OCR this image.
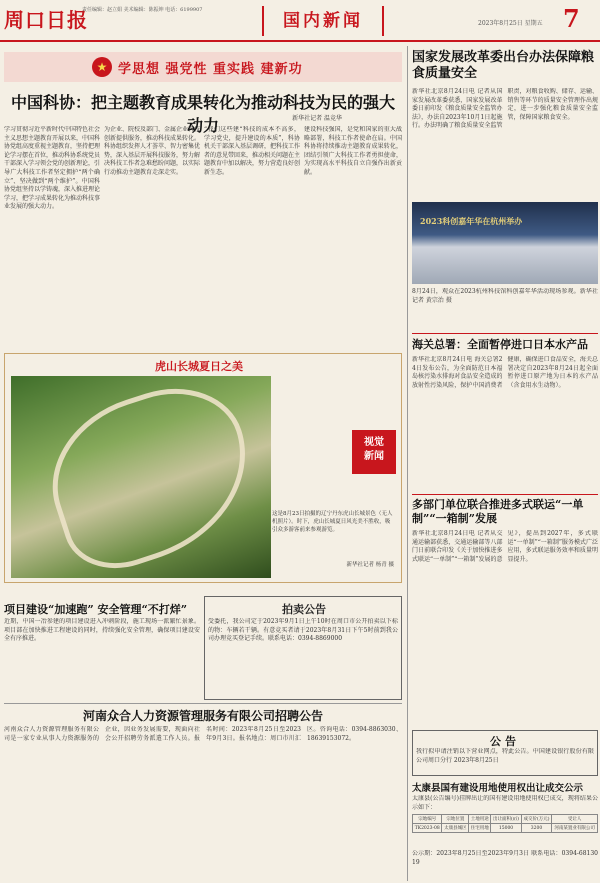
周口日报
责任编辑：赵立娟 美术编辑：陈振坤 电话：6199907
国内新闻	2023年8月25日 星期五 7
★ 学思想 强党性 重实践 建新功
中国科协：把主题教育成果转化为推动科技为民的强大动力	新华社记者 温竞华
学习贯彻习近平新时代中国特色社会主义思想主题教育开展以来，中国科协党组高度重视主题教育，坚持把理论学习摆在首位，推动科协系统党员干部深入学习领会党的创新理论，引导广大科技工作者坚定拥护“两个确立”、坚决做到“两个维护”。中国科协党组坚持以学铸魂，深入推进理论学习，把学习成果转化为推动科技事业发展的强大动力。
为企业、院校及部门、金属企业科技创新提供服务，推动科技成果转化。科协组织发挥人才荟萃、智力密集优势，深入基层开展科技服务，努力解决科技工作者急难愁盼问题，以实际行动推动主题教育走深走实。
“我们这些建“科技的成本不高多，学习党史，提升建设的本质”，科协机关干部深入基层调研，把科技工作者的意见带回来，推动相关问题在主题教育中加以解决，努力营造良好创新生态。
建设科技强国，是党和国家的重大战略部署，科技工作者使命在肩。中国科协将持续推动主题教育成果转化，团结引领广大科技工作者勇担使命，为实现高水平科技自立自强作出新贡献。
虎山长城夏日之美
视觉
新闻
这是8月23日拍摄的辽宁丹东虎山长城景色（无人机照片）。时下，虎山长城夏日风光美不胜收，吸引众多游客前来参观游览。
新华社记者 杨青 摄
项目建设“加速跑” 安全管理“不打烊”
近期，中国一冶参建的项目建设进入冲刺阶段，施工现场一派繁忙景象。项目部在加快推进工程建设的同时，持续强化安全管理，确保项目建设安全有序推进。
拍卖公告
受委托，我公司定于2023年9月1日上午10时在周口市公开拍卖以下标的物：车辆若干辆。有意竞买者请于2023年8月31日下午5时前到我公司办理竞买登记手续。联系电话：0394-8869000
河南众合人力资源管理服务有限公司招聘公告
河南众合人力资源管理服务有限公司是一家专业从事人力资源服务的企业，因业务发展需要，现面向社会公开招聘劳务派遣工作人员。报名时间：2023年8月25日至2023年9月3日。报名地点：周口市川汇区。咨询电话：0394-8863030、18639153072。
国家发展改革委出台办法保障粮食质量安全
新华社北京8月24日电 记者从国家发展改革委获悉，国家发展改革委日前印发《粮食质量安全监管办法》，办法自2023年10月1日起施行。办法明确了粮食质量安全监管职责，对粮食收购、储存、运输、销售等环节的质量安全管理作出规定，进一步强化粮食质量安全监管，保障国家粮食安全。
2023科创嘉年华在杭州举办
8月24日，观众在2023杭州科技馆科创嘉年华活动现场参观。新华社记者 黄宗治 摄
海关总署：全面暂停进口日本水产品
新华社北京8月24日电 海关总署24日发布公告，为全面防范日本福岛核污染水排海对食品安全造成的放射性污染风险，保护中国消费者健康，确保进口食品安全，海关总署决定自2023年8月24日起全面暂停进口原产地为日本的水产品（含食用水生动物）。
多部门单位联合推进多式联运“一单制”“一箱制”发展
新华社北京8月24日电 记者从交通运输部获悉，交通运输部等八部门日前联合印发《关于加快推进多式联运“一单制”“一箱制”发展的意见》，提出到2027年，多式联运“一单制”“一箱制”服务模式广泛应用，多式联运服务效率和质量明显提升。
公告
我行拟申请注销以下营业网点，特此公告。中国建设银行股份有限公司周口分行 2023年8月25日
太康县国有建设用地使用权出让成交公示
太康县(公告编号)挂牌出让的国有建设用地使用权已成交，现将结果公示如下：
宗地编号	宗地位置	土地用途	出让面积(㎡)	成交价(万元)	受让人
TK2023-08	太康县城区	住宅用地	15000	3200	河南某置业有限公司
公示期：2023年8月25日至2023年9月3日 联系电话：0394-6813019
